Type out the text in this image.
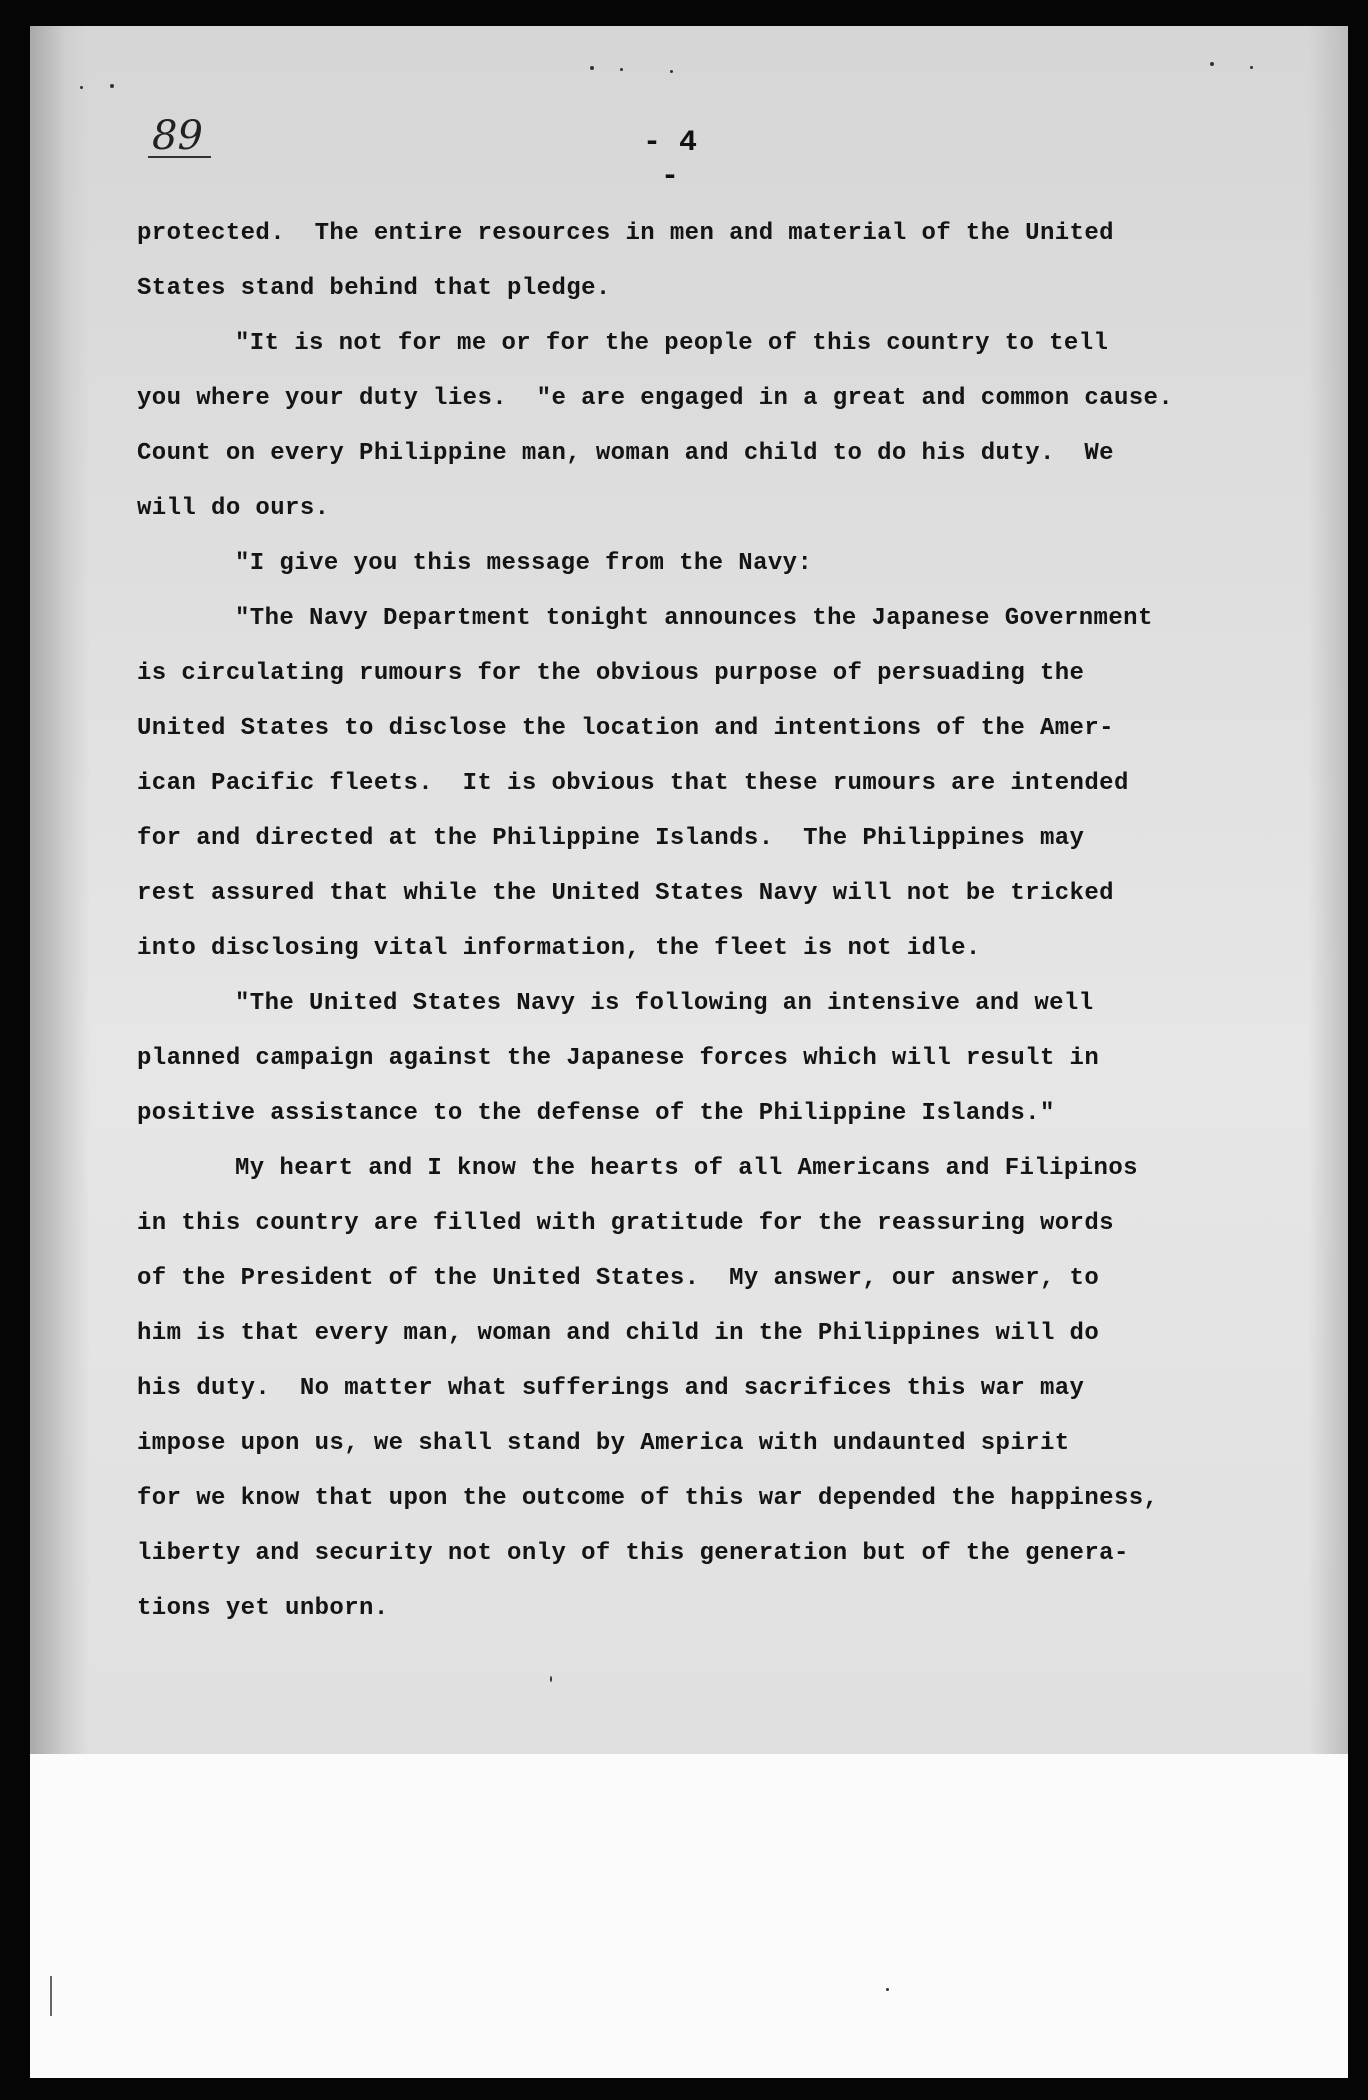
89	- 4 -
protected.  The entire resources in men and material of the United
States stand behind that pledge.
"It is not for me or for the people of this country to tell
you where your duty lies.  "e are engaged in a great and common cause.
Count on every Philippine man, woman and child to do his duty.  We
will do ours.
"I give you this message from the Navy:
"The Navy Department tonight announces the Japanese Government
is circulating rumours for the obvious purpose of persuading the
United States to disclose the location and intentions of the Amer-
ican Pacific fleets.  It is obvious that these rumours are intended
for and directed at the Philippine Islands.  The Philippines may
rest assured that while the United States Navy will not be tricked
into disclosing vital information, the fleet is not idle.
"The United States Navy is following an intensive and well
planned campaign against the Japanese forces which will result in
positive assistance to the defense of the Philippine Islands."
My heart and I know the hearts of all Americans and Filipinos
in this country are filled with gratitude for the reassuring words
of the President of the United States.  My answer, our answer, to
him is that every man, woman and child in the Philippines will do
his duty.  No matter what sufferings and sacrifices this war may
impose upon us, we shall stand by America with undaunted spirit
for we know that upon the outcome of this war depended the happiness,
liberty and security not only of this generation but of the genera-
tions yet unborn.
